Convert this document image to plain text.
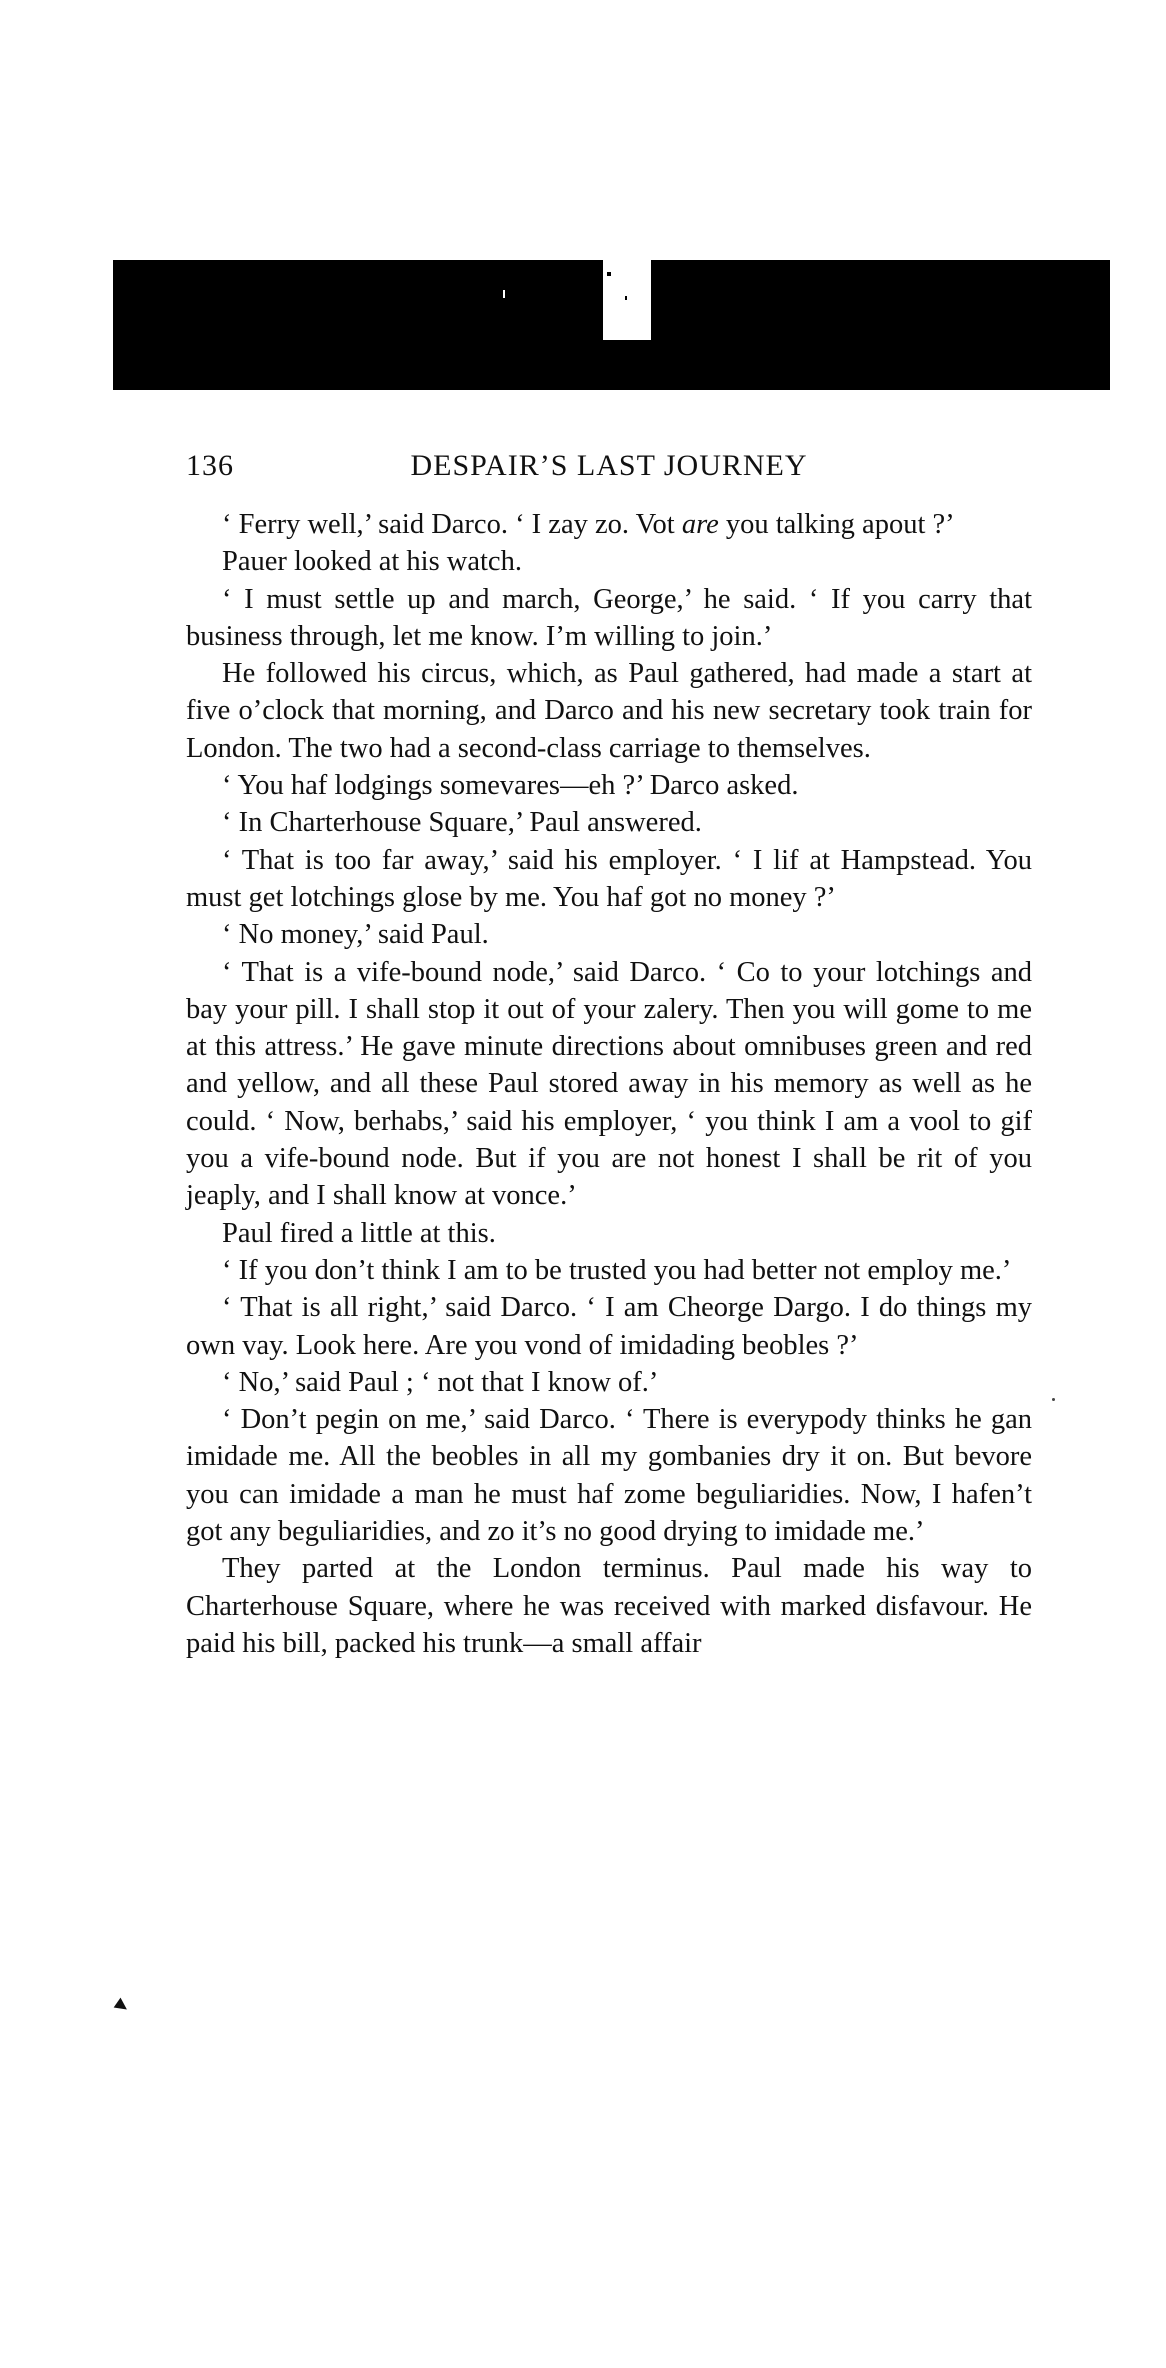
136	DESPAIR’S LAST JOURNEY

‘ Ferry well,’ said Darco. ‘ I zay zo. Vot are you talking apout ?’

Pauer looked at his watch.

‘ I must settle up and march, George,’ he said. ‘ If you carry that business through, let me know. I’m willing to join.’

He followed his circus, which, as Paul gathered, had made a start at five o’clock that morning, and Darco and his new secretary took train for London. The two had a second-class carriage to themselves.

‘ You haf lodgings somevares—eh ?’ Darco asked.

‘ In Charterhouse Square,’ Paul answered.

‘ That is too far away,’ said his employer. ‘ I lif at Hampstead. You must get lotchings glose by me. You haf got no money ?’

‘ No money,’ said Paul.

‘ That is a vife-bound node,’ said Darco. ‘ Co to your lotchings and bay your pill. I shall stop it out of your zalery. Then you will gome to me at this attress.’ He gave minute directions about omnibuses green and red and yellow, and all these Paul stored away in his memory as well as he could. ‘ Now, berhabs,’ said his employer, ‘ you think I am a vool to gif you a vife-bound node. But if you are not honest I shall be rit of you jeaply, and I shall know at vonce.’

Paul fired a little at this.

‘ If you don’t think I am to be trusted you had better not employ me.’

‘ That is all right,’ said Darco. ‘ I am Cheorge Dargo. I do things my own vay. Look here. Are you vond of imidading beobles ?’

‘ No,’ said Paul ; ‘ not that I know of.’

‘ Don’t pegin on me,’ said Darco. ‘ There is everypody thinks he gan imidade me. All the beobles in all my gombanies dry it on. But bevore you can imidade a man he must haf zome beguliaridies. Now, I hafen’t got any beguliaridies, and zo it’s no good drying to imidade me.’

They parted at the London terminus. Paul made his way to Charterhouse Square, where he was received with marked disfavour. He paid his bill, packed his trunk—a small affair
